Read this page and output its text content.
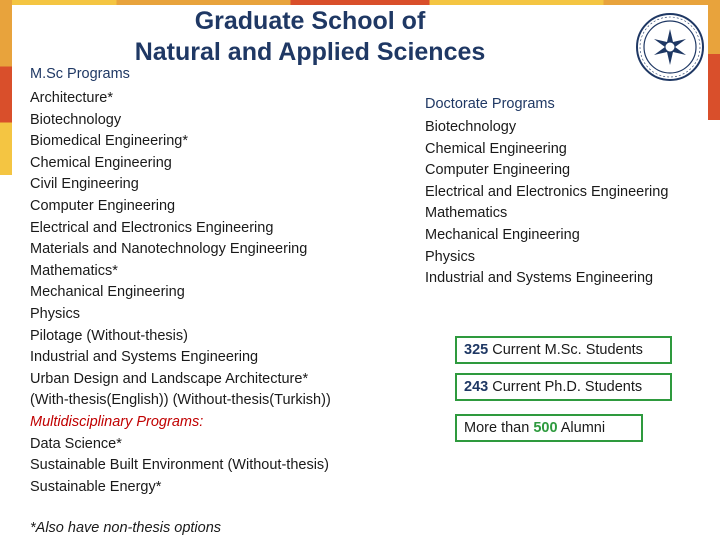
Graduate School of
Natural and Applied Sciences
M.Sc Programs
Architecture*
Biotechnology
Biomedical Engineering*
Chemical Engineering
Civil Engineering
Computer Engineering
Electrical and Electronics Engineering
Materials and Nanotechnology Engineering
Mathematics*
Mechanical Engineering
Physics
Pilotage (Without-thesis)
Industrial and Systems Engineering
Urban Design and Landscape Architecture*
(With-thesis(English)) (Without-thesis(Turkish))
Multidisciplinary Programs:
Data Science*
Sustainable Built Environment (Without-thesis)
Sustainable Energy*
*Also have non-thesis options
Doctorate Programs
Biotechnology
Chemical Engineering
Computer Engineering
Electrical and Electronics Engineering
Mathematics
Mechanical Engineering
Physics
Industrial and Systems Engineering
325 Current M.Sc. Students
243 Current Ph.D. Students
More than 500 Alumni
